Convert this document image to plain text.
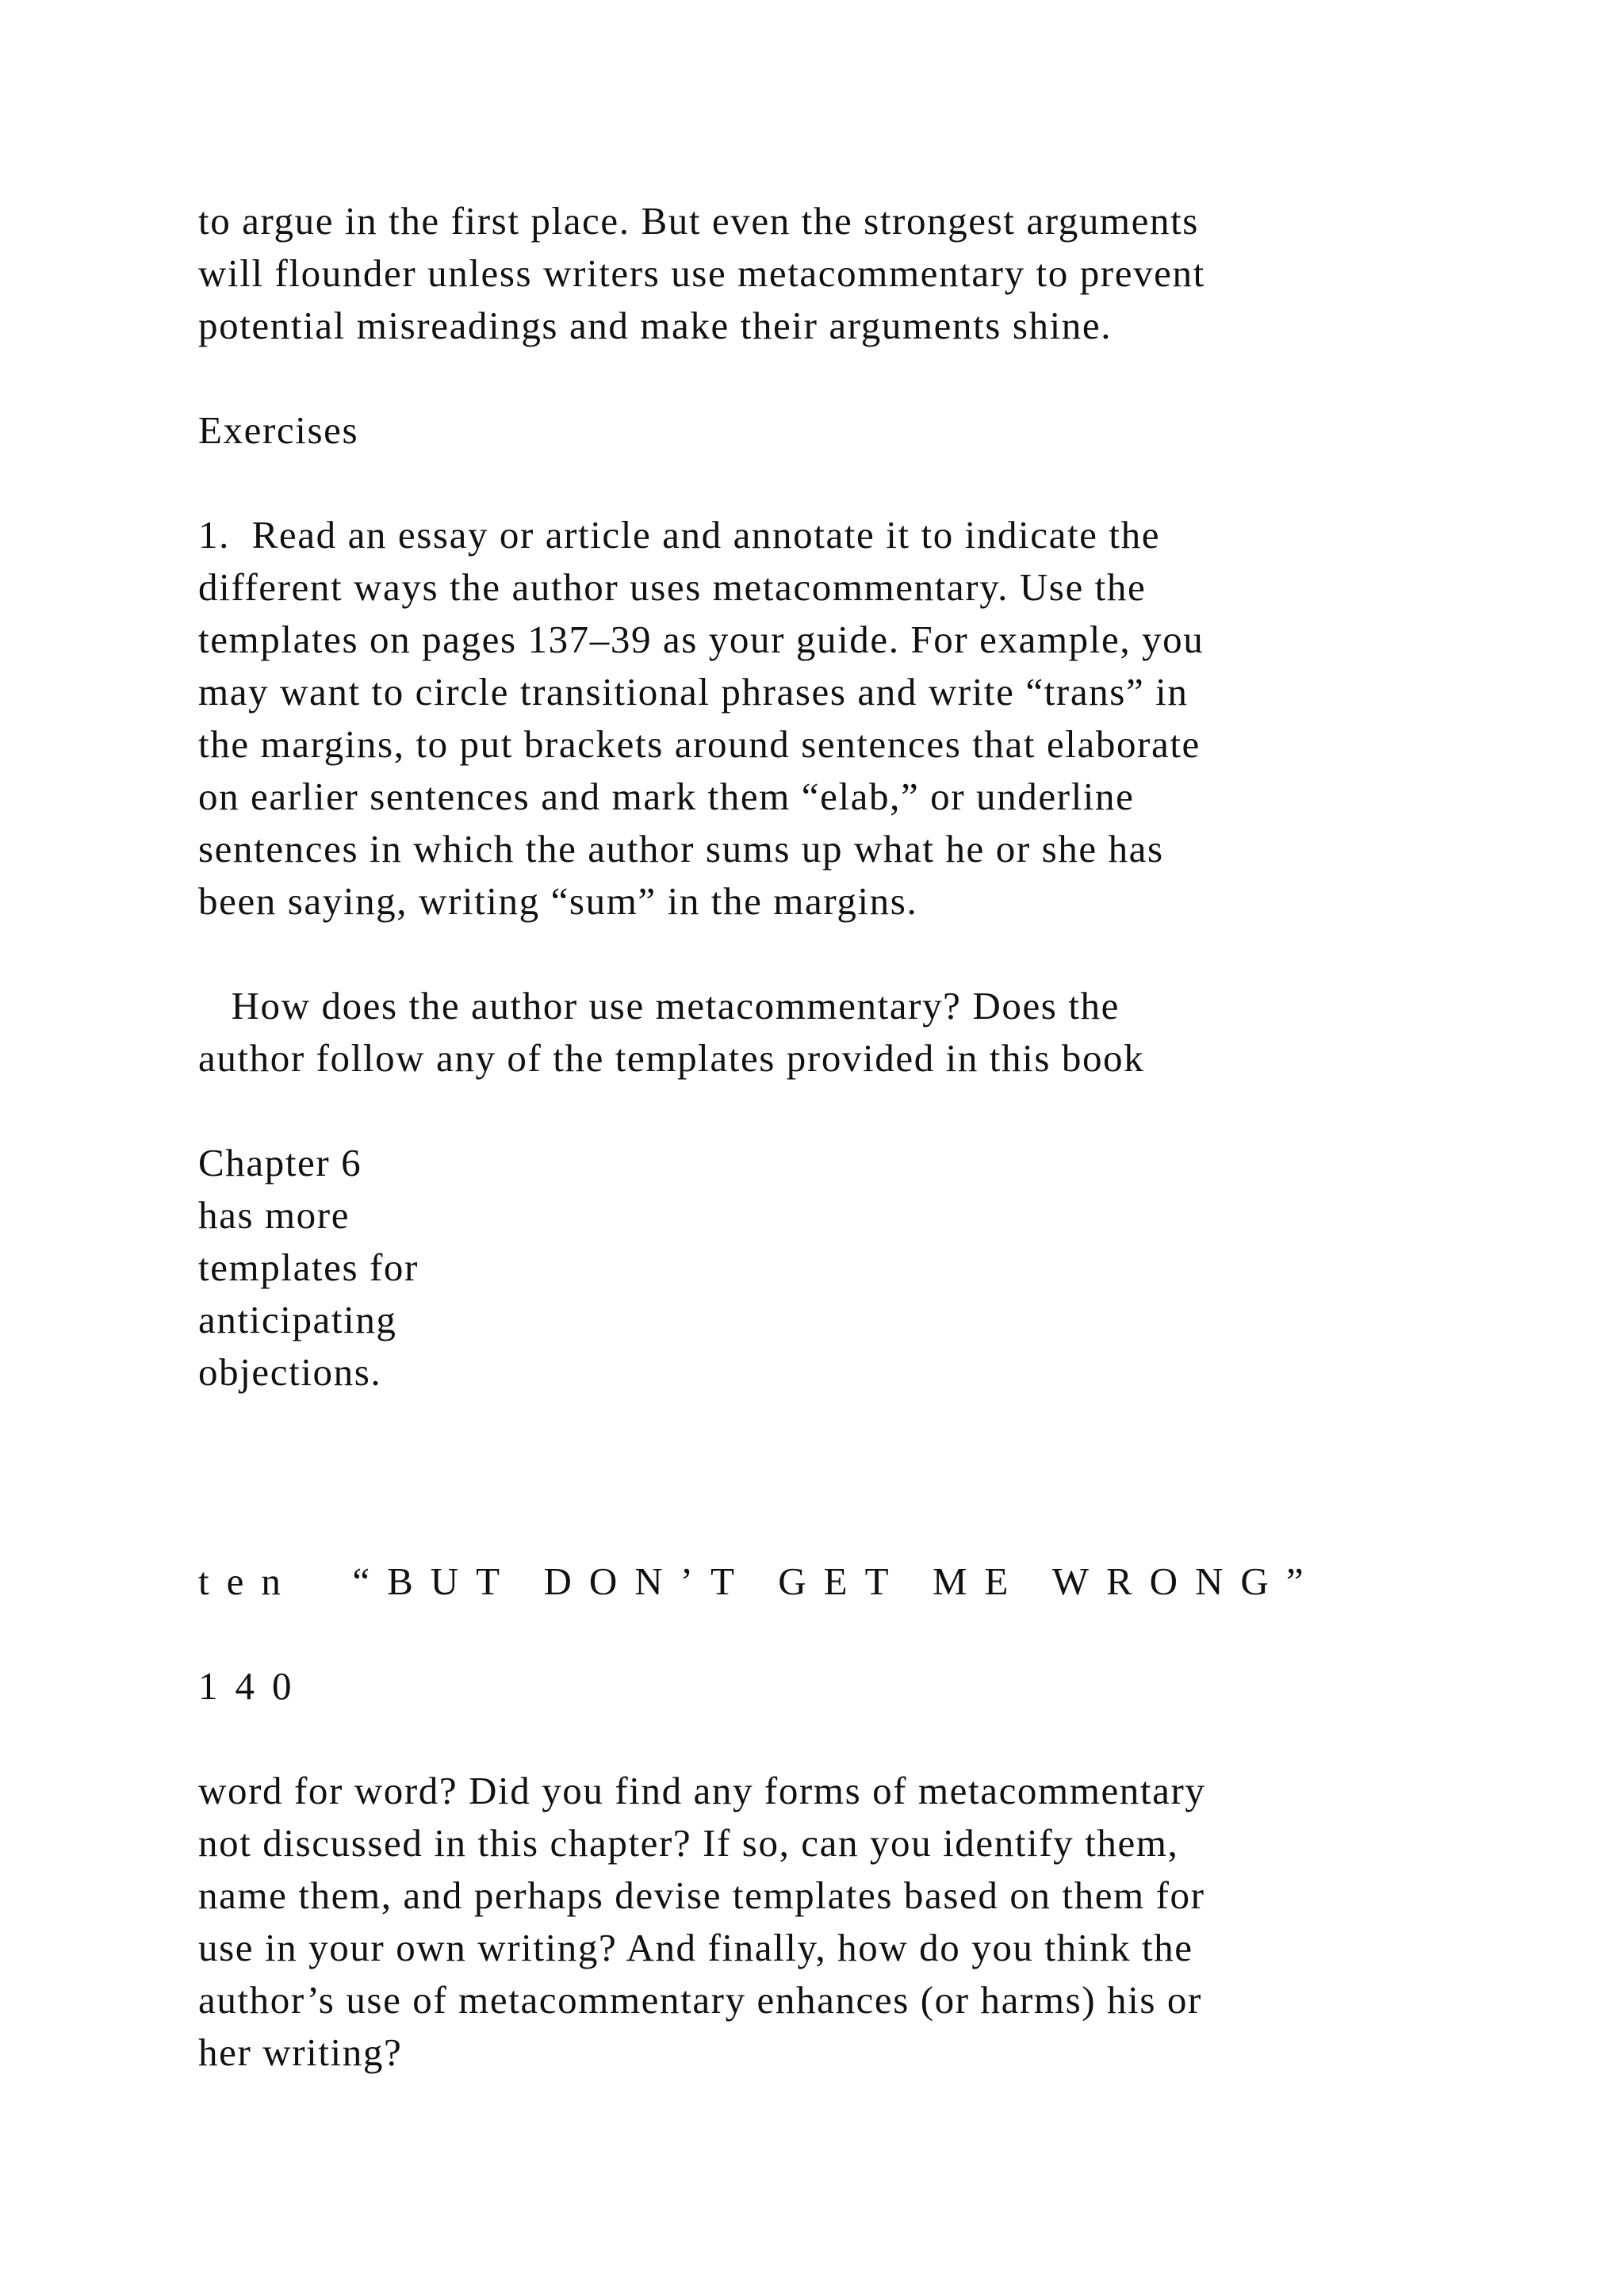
to argue in the first place. But even the strongest arguments

will flounder unless writers use metacommentary to prevent

potential misreadings and make their arguments shine.

Exercises

1.  Read an essay or article and annotate it to indicate the

different ways the author uses metacommentary. Use the

templates on pages 137–39 as your guide. For example, you

may want to circle transitional phrases and write “trans” in

the margins, to put brackets around sentences that elaborate

on earlier sentences and mark them “elab,” or underline

sentences in which the author sums up what he or she has

been saying, writing “sum” in the margins.

How does the author use metacommentary? Does the

author follow any of the templates provided in this book

Chapter 6

has more

templates for

anticipating

objections.

ten  “BUT DON’T GET ME WRONG”

140

word for word? Did you find any forms of metacommentary

not discussed in this chapter? If so, can you identify them,

name them, and perhaps devise templates based on them for

use in your own writing? And finally, how do you think the

author’s use of metacommentary enhances (or harms) his or

her writing?
